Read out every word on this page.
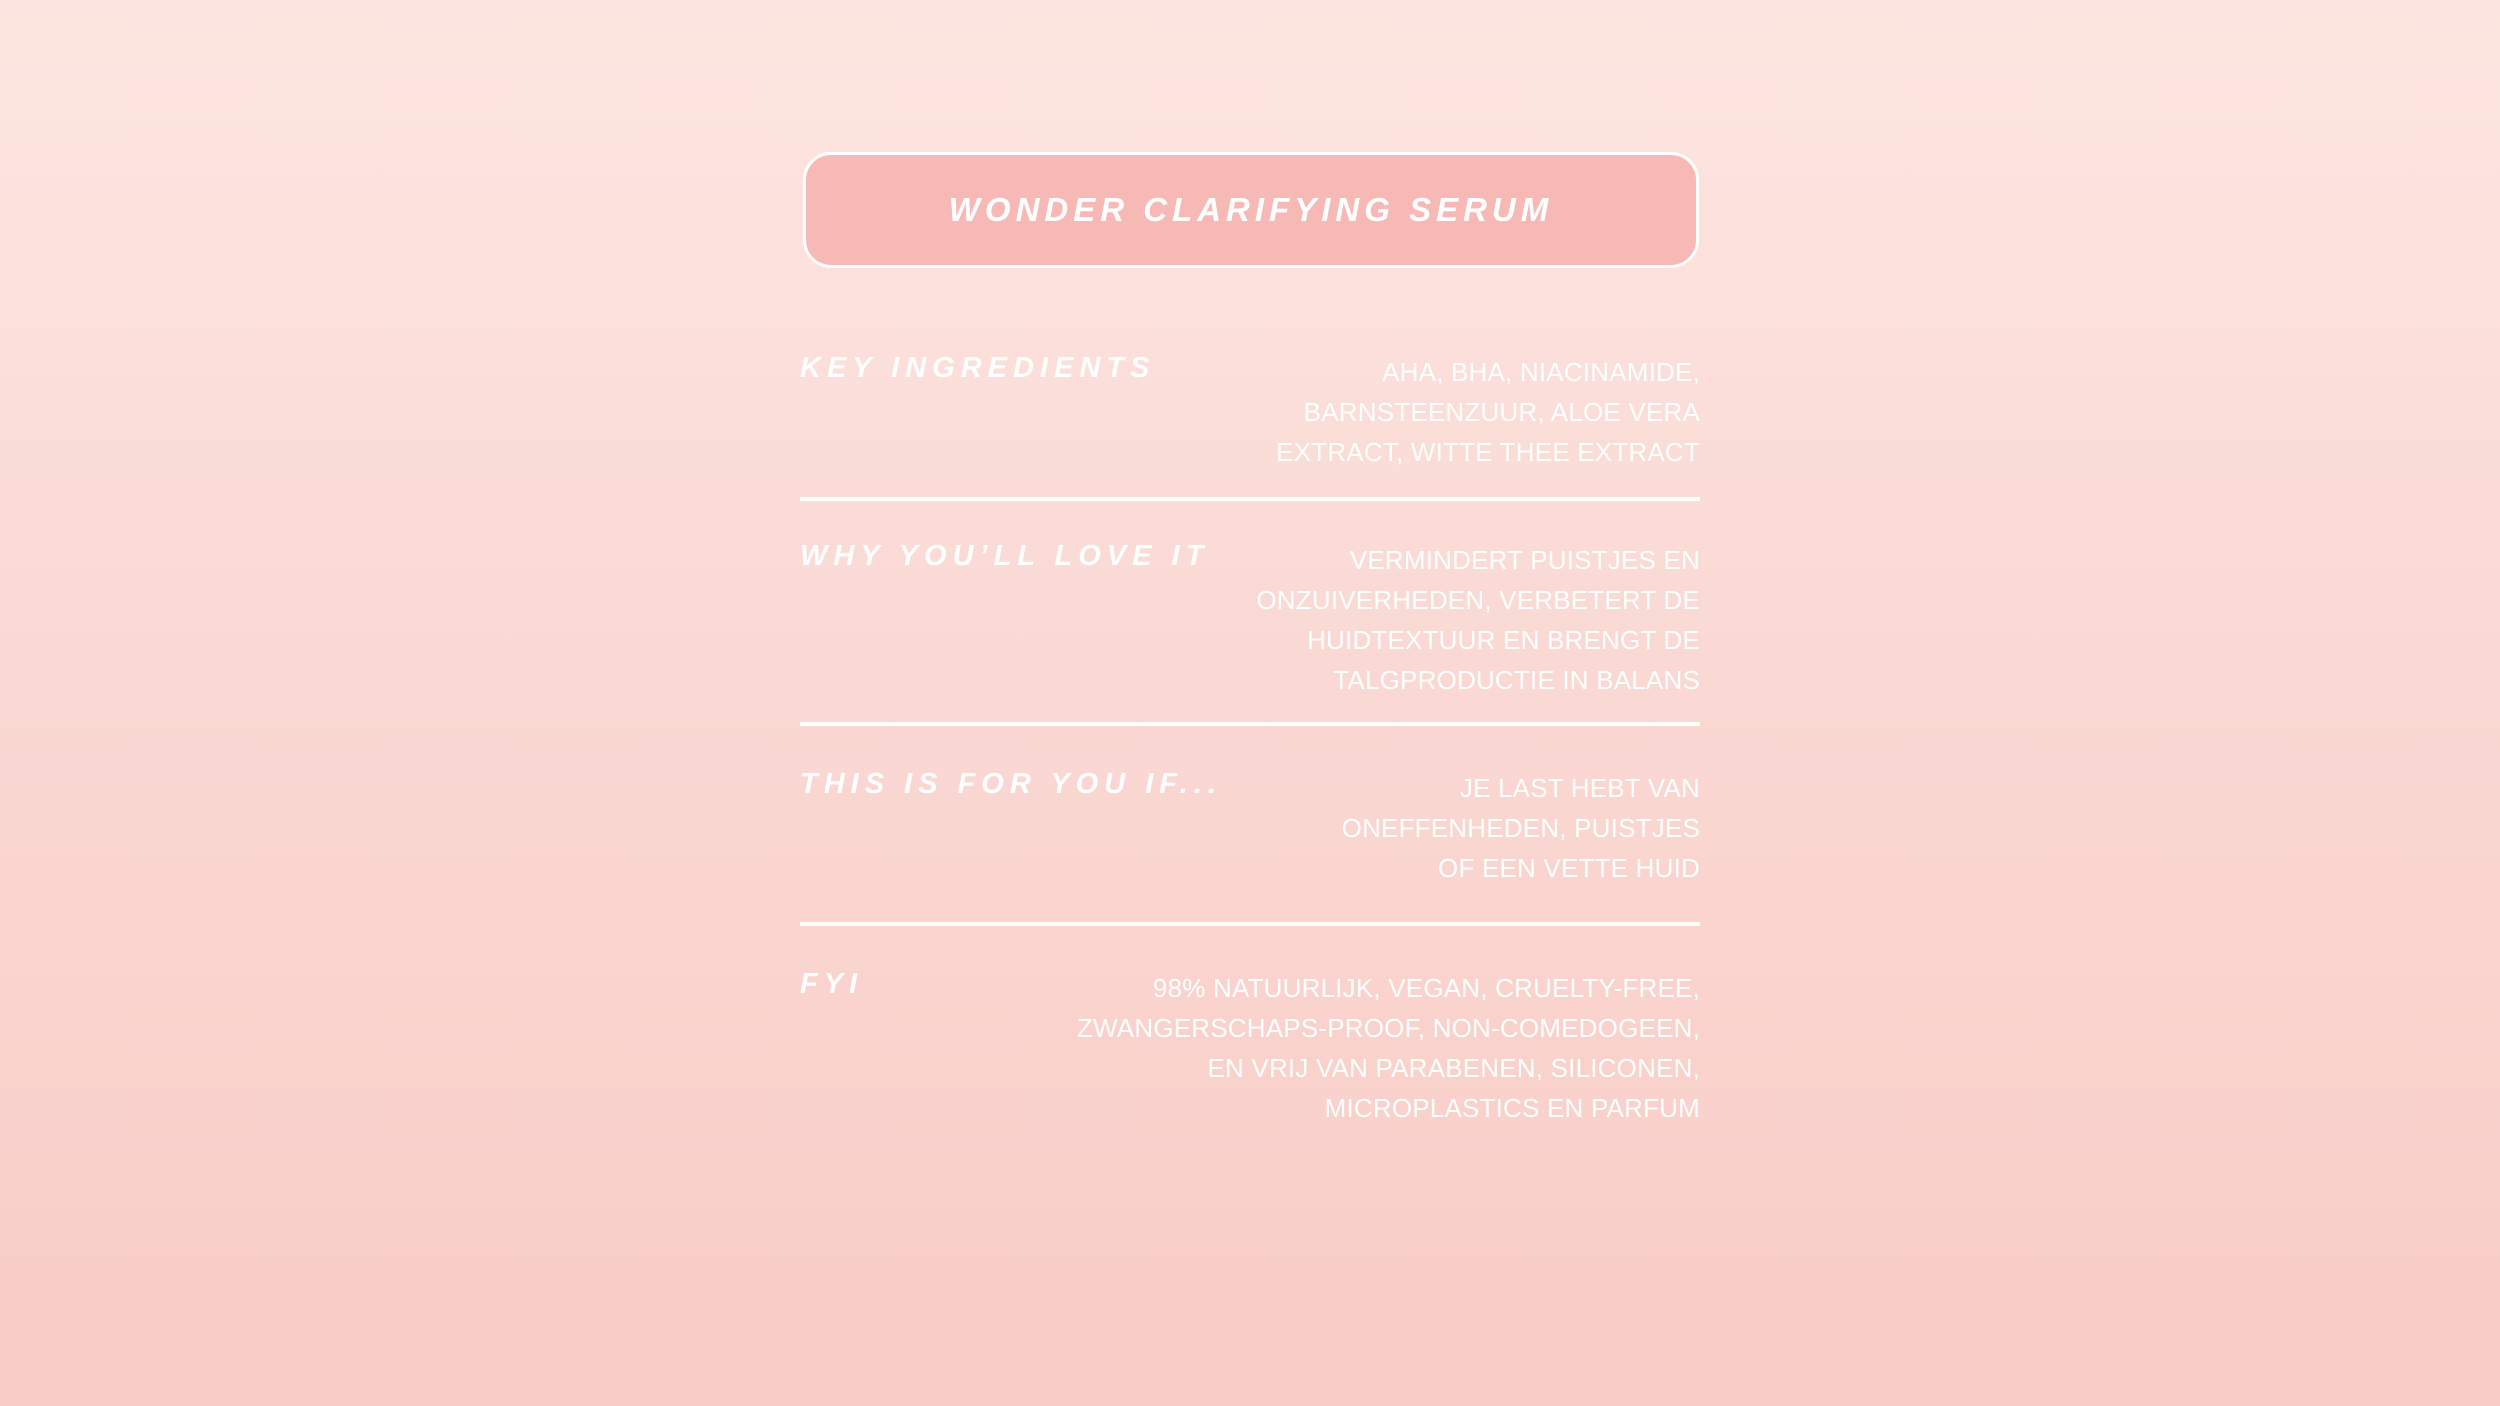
WONDER CLARIFYING SERUM
KEY INGREDIENTS	AHA, BHA, NIACINAMIDE,
BARNSTEENZUUR, ALOE VERA
EXTRACT, WITTE THEE EXTRACT
WHY YOU’LL LOVE IT	VERMINDERT PUISTJES EN
ONZUIVERHEDEN, VERBETERT DE
HUIDTEXTUUR EN BRENGT DE
TALGPRODUCTIE IN BALANS
THIS IS FOR YOU IF...	JE LAST HEBT VAN
ONEFFENHEDEN, PUISTJES
OF EEN VETTE HUID
FYI	98% NATUURLIJK, VEGAN, CRUELTY-FREE,
ZWANGERSCHAPS-PROOF, NON-COMEDOGEEN,
EN VRIJ VAN PARABENEN, SILICONEN,
MICROPLASTICS EN PARFUM
